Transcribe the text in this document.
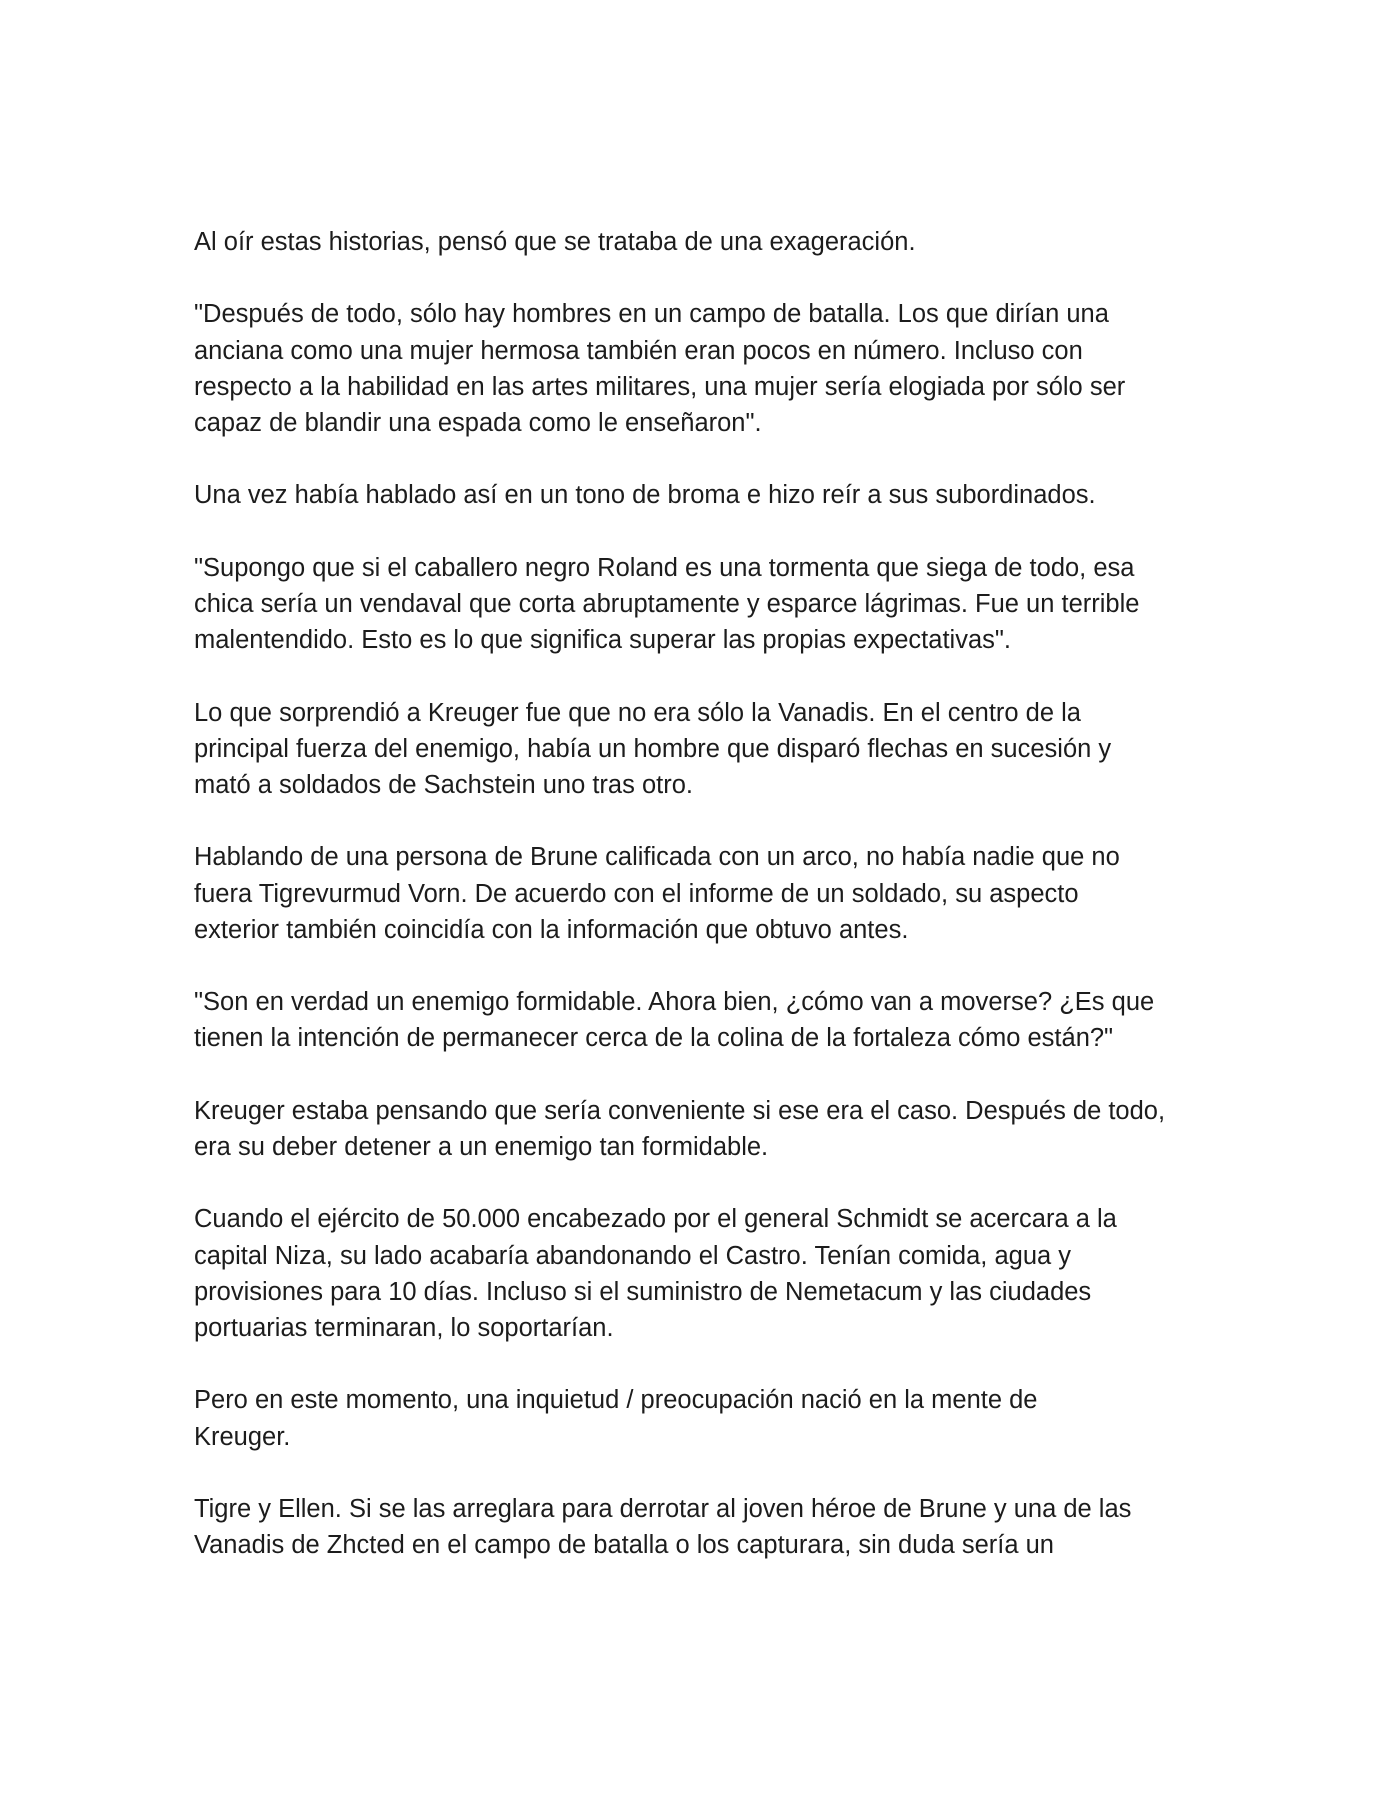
Al oír estas historias, pensó que se trataba de una exageración.

"Después de todo, sólo hay hombres en un campo de batalla. Los que dirían una
anciana como una mujer hermosa también eran pocos en número. Incluso con
respecto a la habilidad en las artes militares, una mujer sería elogiada por sólo ser
capaz de blandir una espada como le enseñaron".

Una vez había hablado así en un tono de broma e hizo reír a sus subordinados.

"Supongo que si el caballero negro Roland es una tormenta que siega de todo, esa
chica sería un vendaval que corta abruptamente y esparce lágrimas. Fue un terrible
malentendido. Esto es lo que significa superar las propias expectativas".

Lo que sorprendió a Kreuger fue que no era sólo la Vanadis. En el centro de la
principal fuerza del enemigo, había un hombre que disparó flechas en sucesión y
mató a soldados de Sachstein uno tras otro.

Hablando de una persona de Brune calificada con un arco, no había nadie que no
fuera Tigrevurmud Vorn. De acuerdo con el informe de un soldado, su aspecto
exterior también coincidía con la información que obtuvo antes.

"Son en verdad un enemigo formidable. Ahora bien, ¿cómo van a moverse? ¿Es que
tienen la intención de permanecer cerca de la colina de la fortaleza cómo están?"

Kreuger estaba pensando que sería conveniente si ese era el caso. Después de todo,
era su deber detener a un enemigo tan formidable.

Cuando el ejército de 50.000 encabezado por el general Schmidt se acercara a la
capital Niza, su lado acabaría abandonando el Castro. Tenían comida, agua y
provisiones para 10 días. Incluso si el suministro de Nemetacum y las ciudades
portuarias terminaran, lo soportarían.

Pero en este momento, una inquietud / preocupación nació en la mente de
Kreuger.

Tigre y Ellen. Si se las arreglara para derrotar al joven héroe de Brune y una de las
Vanadis de Zhcted en el campo de batalla o los capturara, sin duda sería un
